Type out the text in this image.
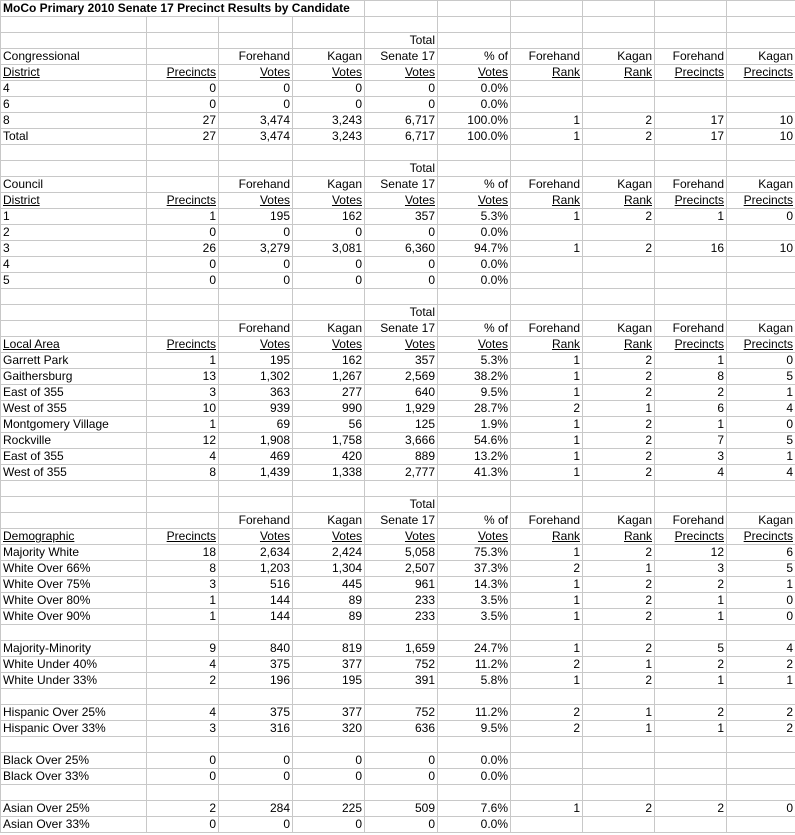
MoCo Primary 2010 Senate 17 Precinct Results by Candidate									

				Total					
Congressional		Forehand	Kagan	Senate 17	% of	Forehand	Kagan	Forehand	Kagan
District	Precincts	Votes	Votes	Votes	Votes	Rank	Rank	Precincts	Precincts
4	0	0	0	0	0.0%				
6	0	0	0	0	0.0%				
8	27	3,474	3,243	6,717	100.0%	1	2	17	10
Total	27	3,474	3,243	6,717	100.0%	1	2	17	10

				Total					
Council		Forehand	Kagan	Senate 17	% of	Forehand	Kagan	Forehand	Kagan
District	Precincts	Votes	Votes	Votes	Votes	Rank	Rank	Precincts	Precincts
1	1	195	162	357	5.3%	1	2	1	0
2	0	0	0	0	0.0%				
3	26	3,279	3,081	6,360	94.7%	1	2	16	10
4	0	0	0	0	0.0%				
5	0	0	0	0	0.0%				

				Total					
		Forehand	Kagan	Senate 17	% of	Forehand	Kagan	Forehand	Kagan
Local Area	Precincts	Votes	Votes	Votes	Votes	Rank	Rank	Precincts	Precincts
Garrett Park	1	195	162	357	5.3%	1	2	1	0
Gaithersburg	13	1,302	1,267	2,569	38.2%	1	2	8	5
East of 355	3	363	277	640	9.5%	1	2	2	1
West of 355	10	939	990	1,929	28.7%	2	1	6	4
Montgomery Village	1	69	56	125	1.9%	1	2	1	0
Rockville	12	1,908	1,758	3,666	54.6%	1	2	7	5
East of 355	4	469	420	889	13.2%	1	2	3	1
West of 355	8	1,439	1,338	2,777	41.3%	1	2	4	4

				Total					
		Forehand	Kagan	Senate 17	% of	Forehand	Kagan	Forehand	Kagan
Demographic	Precincts	Votes	Votes	Votes	Votes	Rank	Rank	Precincts	Precincts
Majority White	18	2,634	2,424	5,058	75.3%	1	2	12	6
White Over 66%	8	1,203	1,304	2,507	37.3%	2	1	3	5
White Over 75%	3	516	445	961	14.3%	1	2	2	1
White Over 80%	1	144	89	233	3.5%	1	2	1	0
White Over 90%	1	144	89	233	3.5%	1	2	1	0

Majority-Minority	9	840	819	1,659	24.7%	1	2	5	4
White Under 40%	4	375	377	752	11.2%	2	1	2	2
White Under 33%	2	196	195	391	5.8%	1	2	1	1

Hispanic Over 25%	4	375	377	752	11.2%	2	1	2	2
Hispanic Over 33%	3	316	320	636	9.5%	2	1	1	2

Black Over 25%	0	0	0	0	0.0%				
Black Over 33%	0	0	0	0	0.0%				

Asian Over 25%	2	284	225	509	7.6%	1	2	2	0
Asian Over 33%	0	0	0	0	0.0%				
